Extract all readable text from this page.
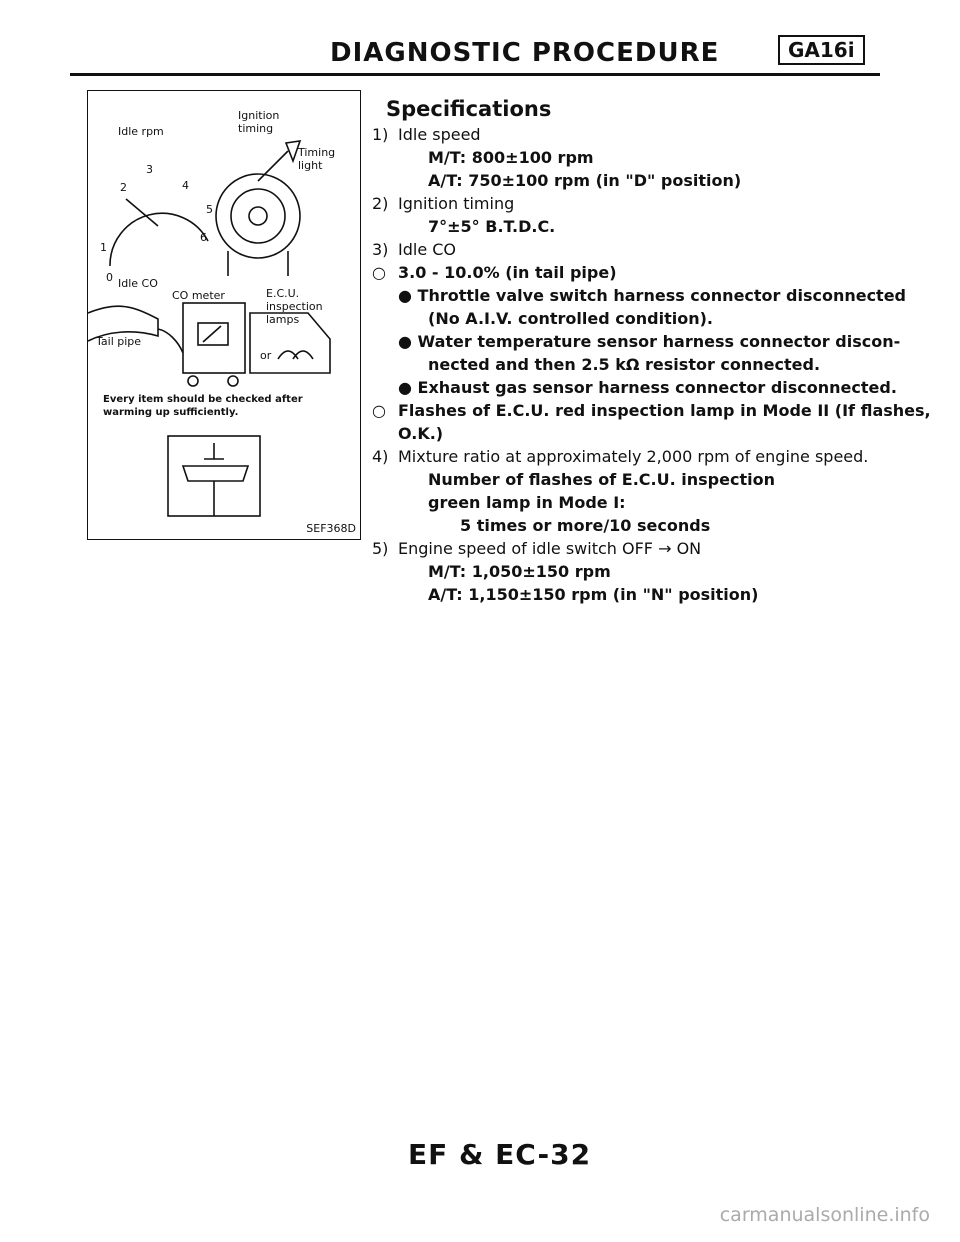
DIAGNOSTIC PROCEDURE	GA16i
Idle rpm
Ignition timing
Timing light
0
1
2
3
4
5
6
Idle CO
CO meter
Tail pipe
E.C.U. inspection lamps
or
Every item should be checked after warming up sufficiently.
SEF368D
Specifications
1) Idle speed
M/T: 800±100 rpm
A/T: 750±100 rpm (in "D" position)
2) Ignition timing
7°±5° B.T.D.C.
3) Idle CO
○ 3.0 - 10.0% (in tail pipe)
● Throttle valve switch harness connector disconnected
(No A.I.V. controlled condition).
● Water temperature sensor harness connector discon-
nected and then 2.5 kΩ resistor connected.
● Exhaust gas sensor harness connector disconnected.
○ Flashes of E.C.U. red inspection lamp in Mode II (If flashes,
O.K.)
4) Mixture ratio at approximately 2,000 rpm of engine speed.
Number of flashes of E.C.U. inspection
green lamp in Mode I:
5 times or more/10 seconds
5) Engine speed of idle switch OFF → ON
M/T: 1,050±150 rpm
A/T: 1,150±150 rpm (in "N" position)
EF & EC-32
carmanualsonline.info
